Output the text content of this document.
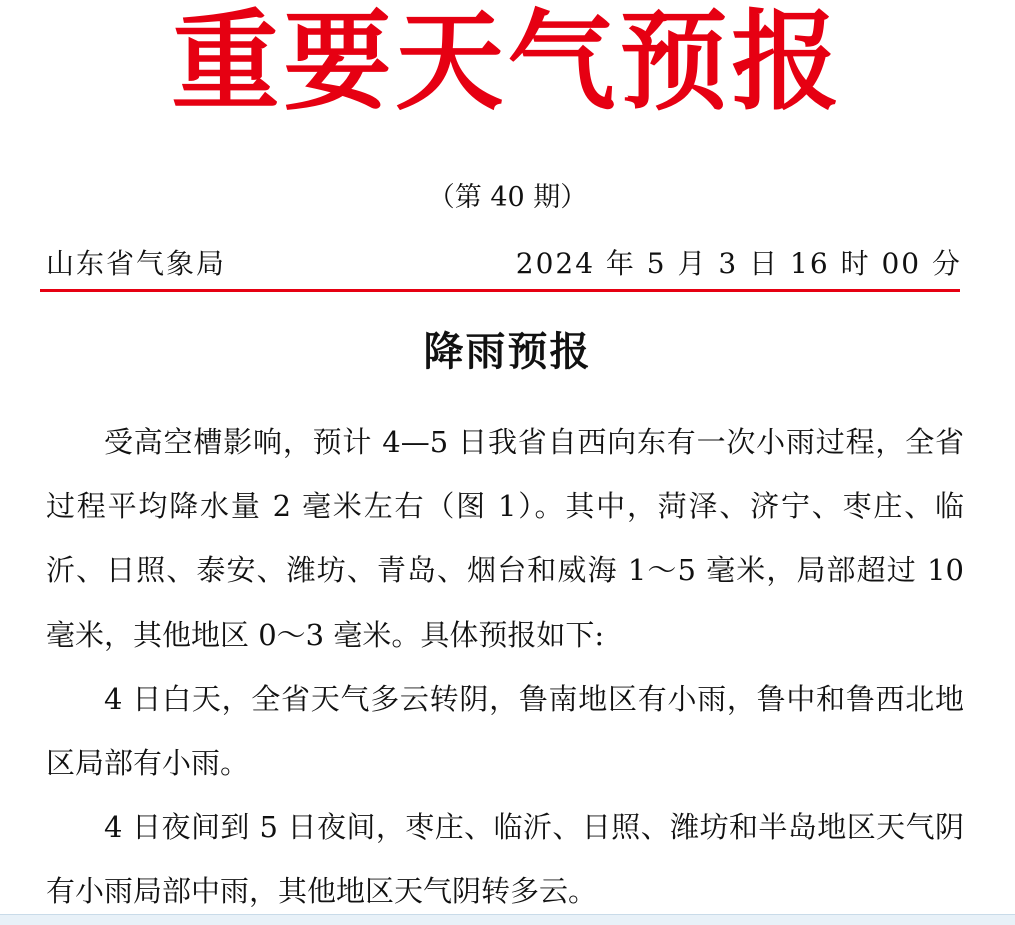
重要天气预报
（第 40 期）
山东省气象局	2024 年 5 月 3 日 16 时 00 分
降雨预报

受高空槽影响，预计 4—5 日我省自西向东有一次小雨过程，全省过程平均降水量 2 毫米左右（图 1）。其中，菏泽、济宁、枣庄、临沂、日照、泰安、潍坊、青岛、烟台和威海 1～5 毫米，局部超过 10 毫米，其他地区 0～3 毫米。具体预报如下:

4 日白天，全省天气多云转阴，鲁南地区有小雨，鲁中和鲁西北地区局部有小雨。

4 日夜间到 5 日夜间，枣庄、临沂、日照、潍坊和半岛地区天气阴有小雨局部中雨，其他地区天气阴转多云。
